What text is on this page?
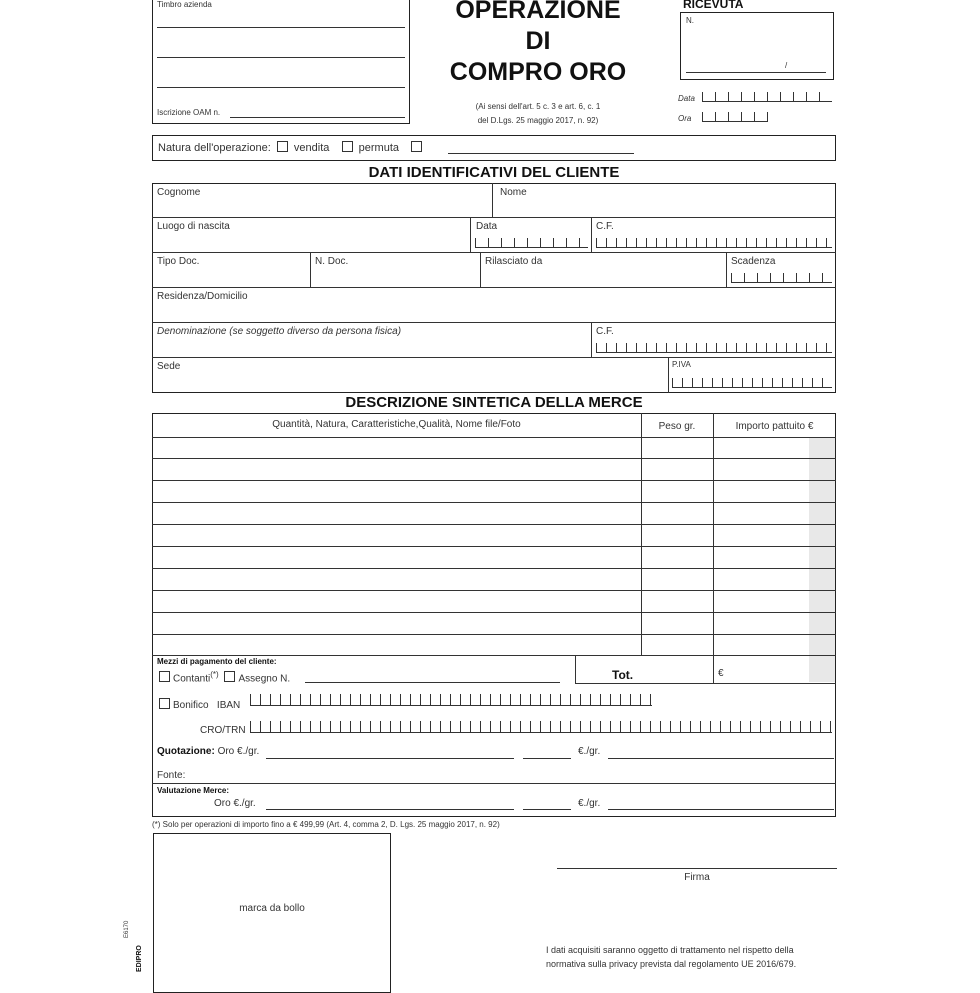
Timbro azienda
Iscrizione OAM n.
OPERAZIONE
DI
COMPRO ORO
(Ai sensi dell'art. 5 c. 3 e art. 6, c. 1
del D.Lgs. 25 maggio 2017, n. 92)
RICEVUTA
N.
/
Data
Ora
Natura dell'operazione: vendita	permuta
DATI IDENTIFICATIVI DEL CLIENTE
Cognome	Nome
Luogo di nascita	Data	C.F.
Tipo Doc.	N. Doc.	Rilasciato da	Scadenza
Residenza/Domicilio
Denominazione (se soggetto diverso da persona fisica)	C.F.
Sede	P.IVA
DESCRIZIONE SINTETICA DELLA MERCE
Quantità, Natura, Caratteristiche,Qualità, Nome file/Foto	Peso gr.	Importo pattuito €
Tot.	€
Mezzi di pagamento del cliente:
Contanti(*) Assegno N.
Bonifico IBAN
CRO/TRN
Quotazione: Oro €./gr.	€./gr.
Fonte:
Valutazione Merce:
Oro €./gr.	€./gr.
(*) Solo per operazioni di importo fino a € 499,99 (Art. 4, comma 2, D. Lgs. 25 maggio 2017, n. 92)
marca da bollo
Firma
I dati acquisiti saranno oggetto di trattamento nel rispetto della
normativa sulla privacy prevista dal regolamento UE 2016/679.
E6170
EDIPRO
